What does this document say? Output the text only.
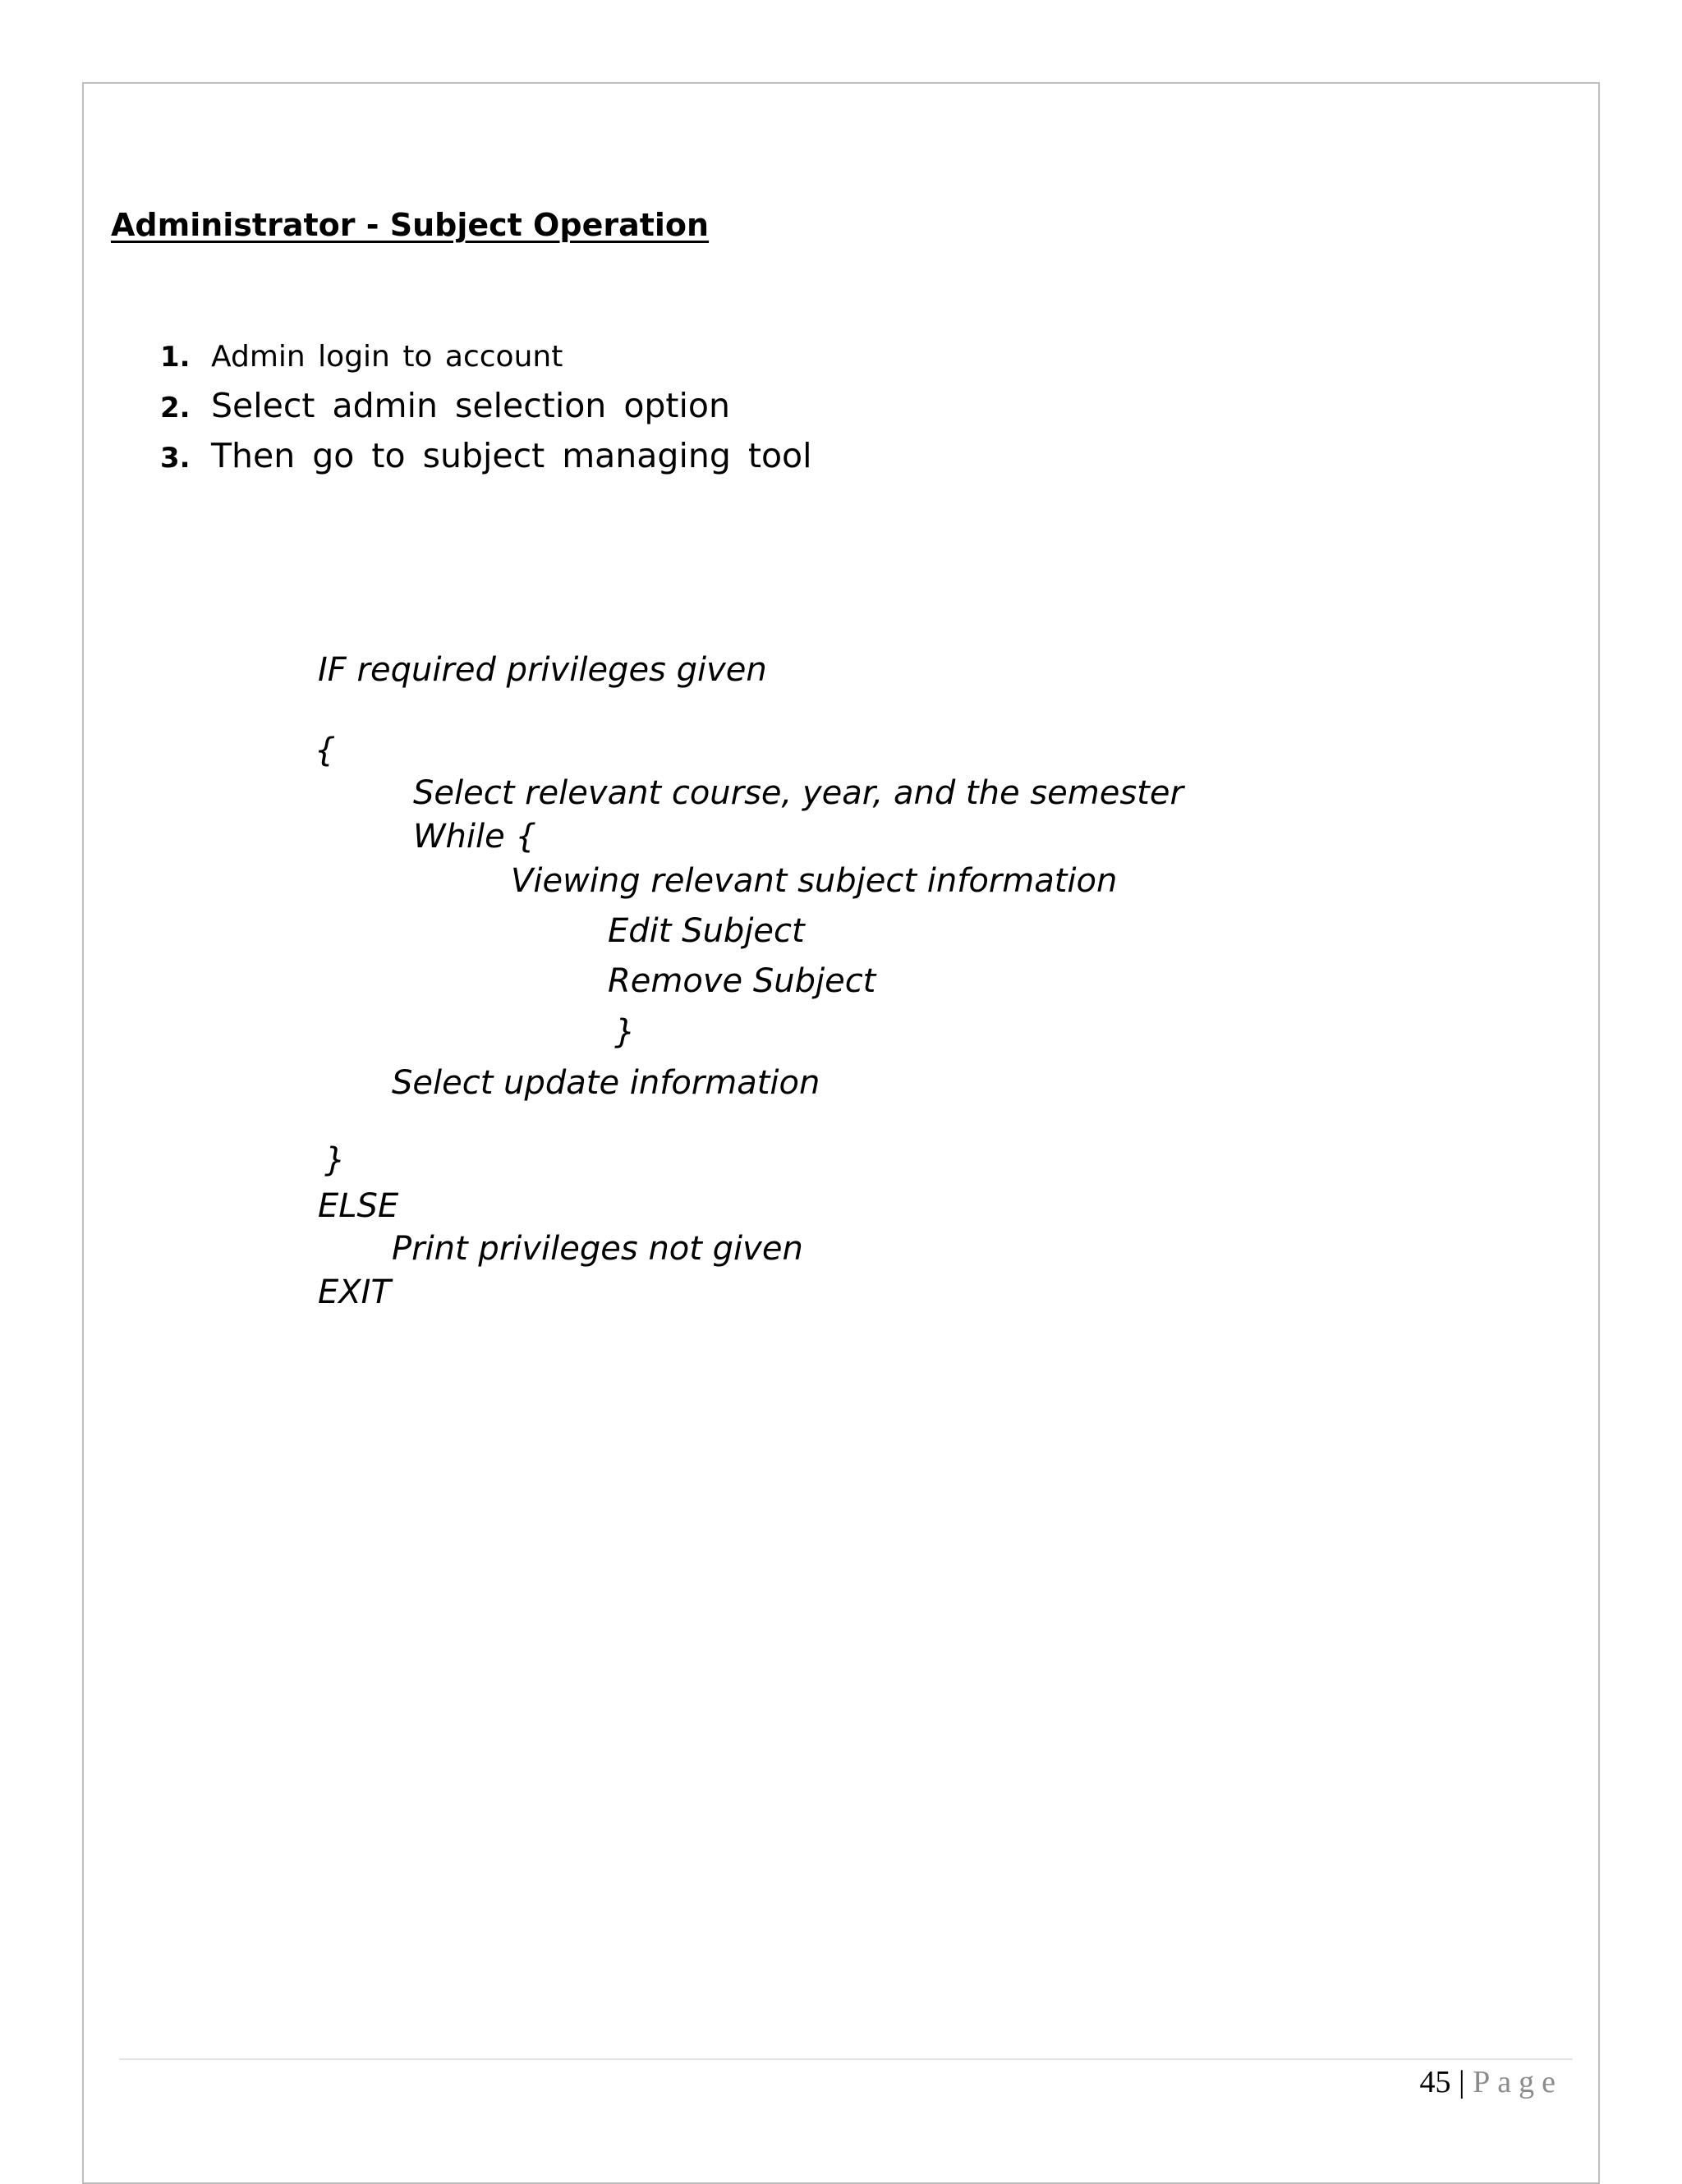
Administrator - Subject Operation
1. Admin login to account
2. Select admin selection option
3. Then go to subject managing tool
IF required privileges given
{
Select relevant course, year, and the semester
While {
Viewing relevant subject information
Edit Subject
Remove Subject
}
Select update information
}
ELSE
Print privileges not given
EXIT
45 | Page
